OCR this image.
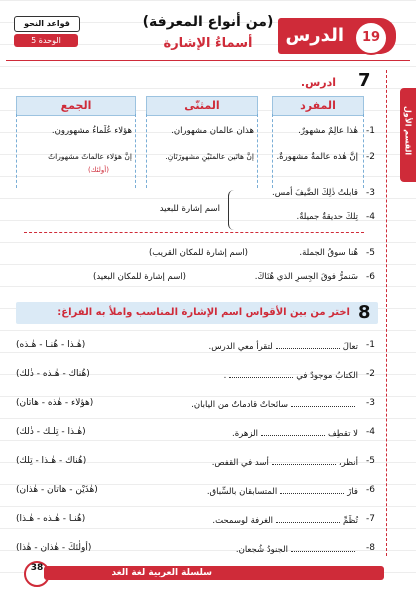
قواعد النحو
الوحدة 5
(من أنواع المعرفة)
أسماءُ الإشارة	الدرس	19
القسم الأول
7
ادرس.
المفرد
المثنّى
الجمع
-1
هٰذا عالِمٌ مشهورٌ.
هذان عالمان مشهوران.
هؤلاء عُلَماءُ مشهورون.
-2
إنَّ هٰذه عالمةٌ مشهورةٌ.
إنَّ هاتَين عالمتَيْنِ مشهورَتَانِ.
إنَّ هؤلاء عالماتٌ مشهوراتٌ
(أولئك)
-3
قابلتُ ذٰلِكَ الضَّيفَ أمس.
-4
تِلكَ حديقةٌ جميلةٌ.
اسم إشارة للبعيد
-5
هُنا سوقُ الجملة.
(اسم إشارة للمكان القريب)
-6
سَنمرُّ فوقَ الجِسرِ الذي هُنَاكَ.
(اسم إشارة للمكان البعيد)
8
اختر من بين الأقواس اسم الإشارة المناسب واملأ به الفراغ:
-1
تعالَلتقرأ معي الدرس.
(هٰـذا - هُنـا - هٰـذه)
-2
الكتابُ موجودٌ في.
(هُناك - هٰـذه - ذٰلك)
-3
سائحاتٌ قادماتٌ من اليابان.
(هؤلاء - هٰذه - هاتان)
-4
لا تقطِفالزهرة.
(هٰـذا - تِلـك - ذٰلك)
-5
أنظر،أسد في القفص.
(هُناك - هٰـذا - تِلك)
-6
فازَالمتسابقان بالسِّباق.
(هٰذَيْن - هاتان - هٰذان)
-7
تُظَمِّالغرفة لوسمحت.
(هُنـا - هٰـذه - هٰـذا)
-8
الجنودُ شُجعان.
(أولٰئكَ - هٰذان - هٰذا)
38	سلسلة العربية لغة الغد
